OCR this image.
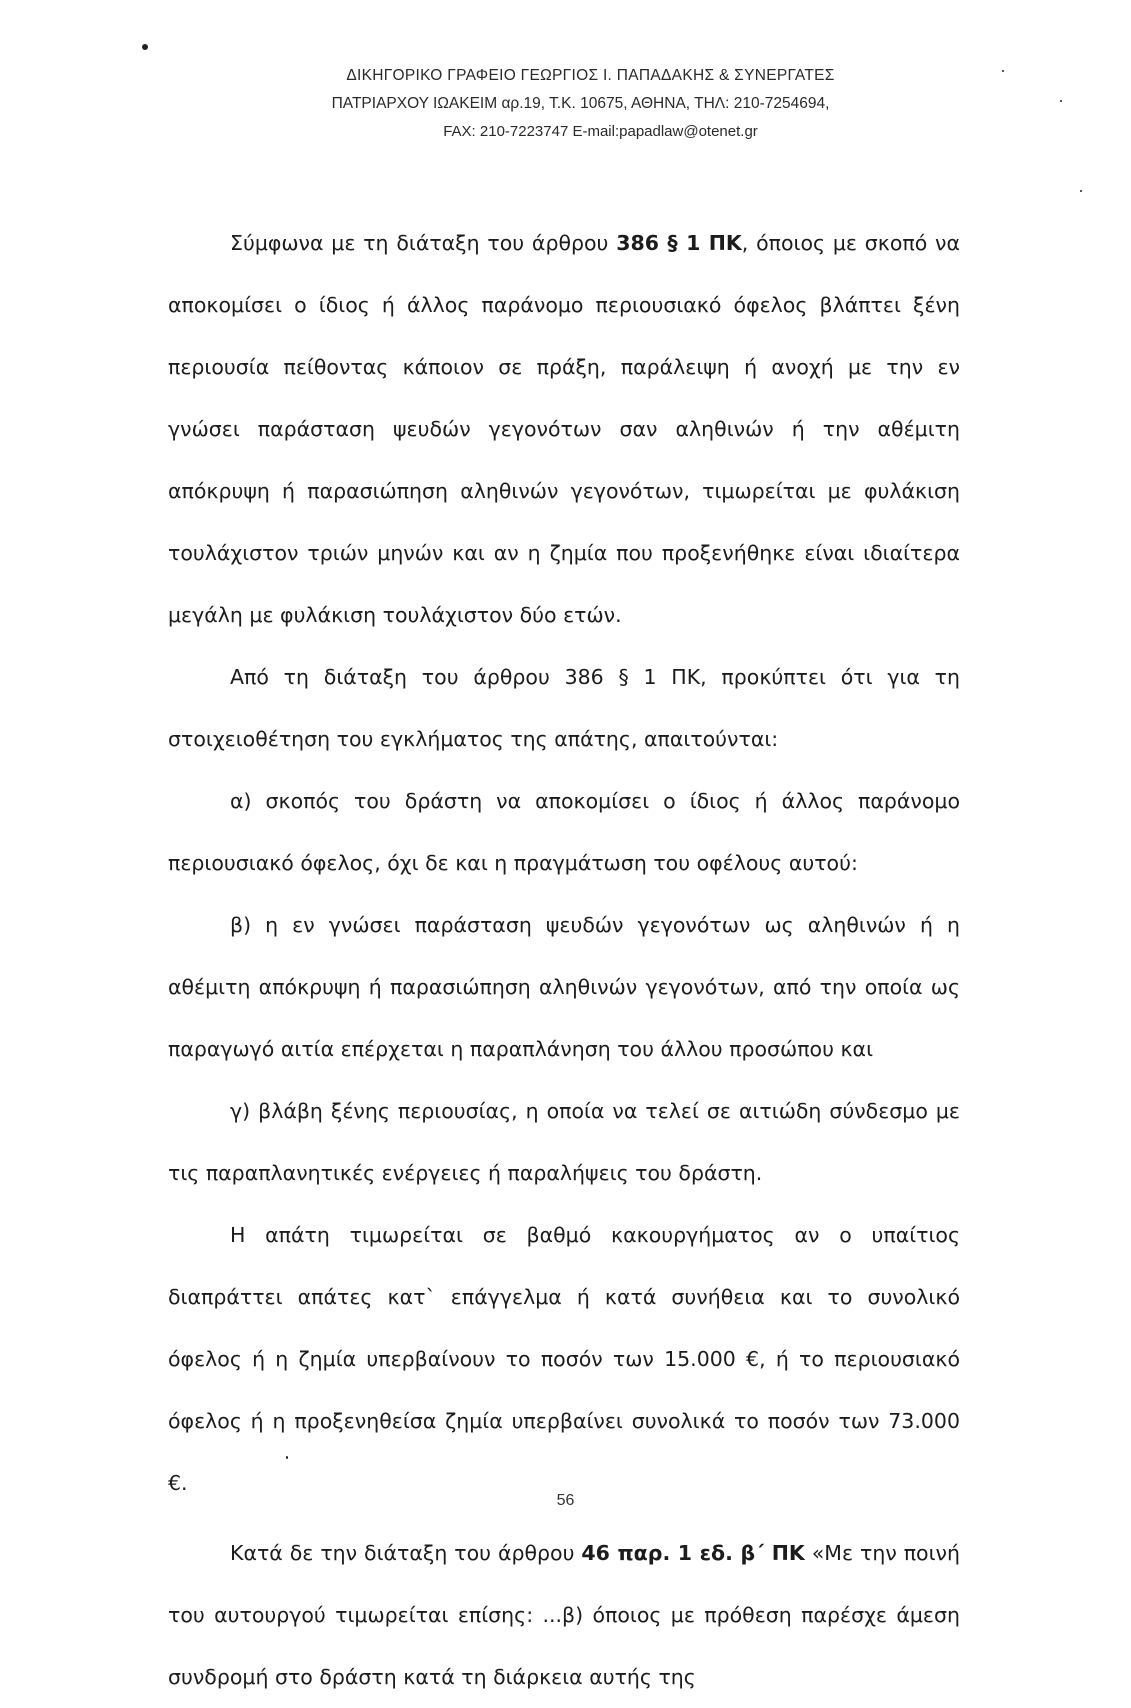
ΔΙΚΗΓΟΡΙΚΟ ΓΡΑΦΕΙΟ ΓΕΩΡΓΙΟΣ Ι. ΠΑΠΑΔΑΚΗΣ & ΣΥΝΕΡΓΑΤΕΣ
ΠΑΤΡΙΑΡΧΟΥ ΙΩΑΚΕΙΜ αρ.19, Τ.Κ. 10675, ΑΘΗΝΑ, ΤΗΛ: 210-7254694,
FAX: 210-7223747 E-mail:papadlaw@otenet.gr

Σύμφωνα με τη διάταξη του άρθρου 386 § 1 ΠΚ, όποιος με σκοπό να αποκομίσει ο ίδιος ή άλλος παράνομο περιουσιακό όφελος βλάπτει ξένη περιουσία πείθοντας κάποιον σε πράξη, παράλειψη ή ανοχή με την εν γνώσει παράσταση ψευδών γεγονότων σαν αληθινών ή την αθέμιτη απόκρυψη ή παρασιώπηση αληθινών γεγονότων, τιμωρείται με φυλάκιση τουλάχιστον τριών μηνών και αν η ζημία που προξενήθηκε είναι ιδιαίτερα μεγάλη με φυλάκιση τουλάχιστον δύο ετών.

Από τη διάταξη του άρθρου 386 § 1 ΠΚ, προκύπτει ότι για τη στοιχειοθέτηση του εγκλήματος της απάτης, απαιτούνται:

α) σκοπός του δράστη να αποκομίσει ο ίδιος ή άλλος παράνομο περιουσιακό όφελος, όχι δε και η πραγμάτωση του οφέλους αυτού:

β) η εν γνώσει παράσταση ψευδών γεγονότων ως αληθινών ή η αθέμιτη απόκρυψη ή παρασιώπηση αληθινών γεγονότων, από την οποία ως παραγωγό αιτία επέρχεται η παραπλάνηση του άλλου προσώπου και

γ) βλάβη ξένης περιουσίας, η οποία να τελεί σε αιτιώδη σύνδεσμο με τις παραπλανητικές ενέργειες ή παραλήψεις του δράστη.

Η απάτη τιμωρείται σε βαθμό κακουργήματος αν ο υπαίτιος διαπράττει απάτες κατ` επάγγελμα ή κατά συνήθεια και το συνολικό όφελος ή η ζημία υπερβαίνουν το ποσόν των 15.000 €, ή το περιουσιακό όφελος ή η προξενηθείσα ζημία υπερβαίνει συνολικά το ποσόν των 73.000 €.

Κατά δε την διάταξη του άρθρου 46 παρ. 1 εδ. β΄ ΠΚ «Με την ποινή του αυτουργού τιμωρείται επίσης: ...β) όποιος με πρόθεση παρέσχε άμεση συνδρομή στο δράστη κατά τη διάρκεια αυτής της

56
